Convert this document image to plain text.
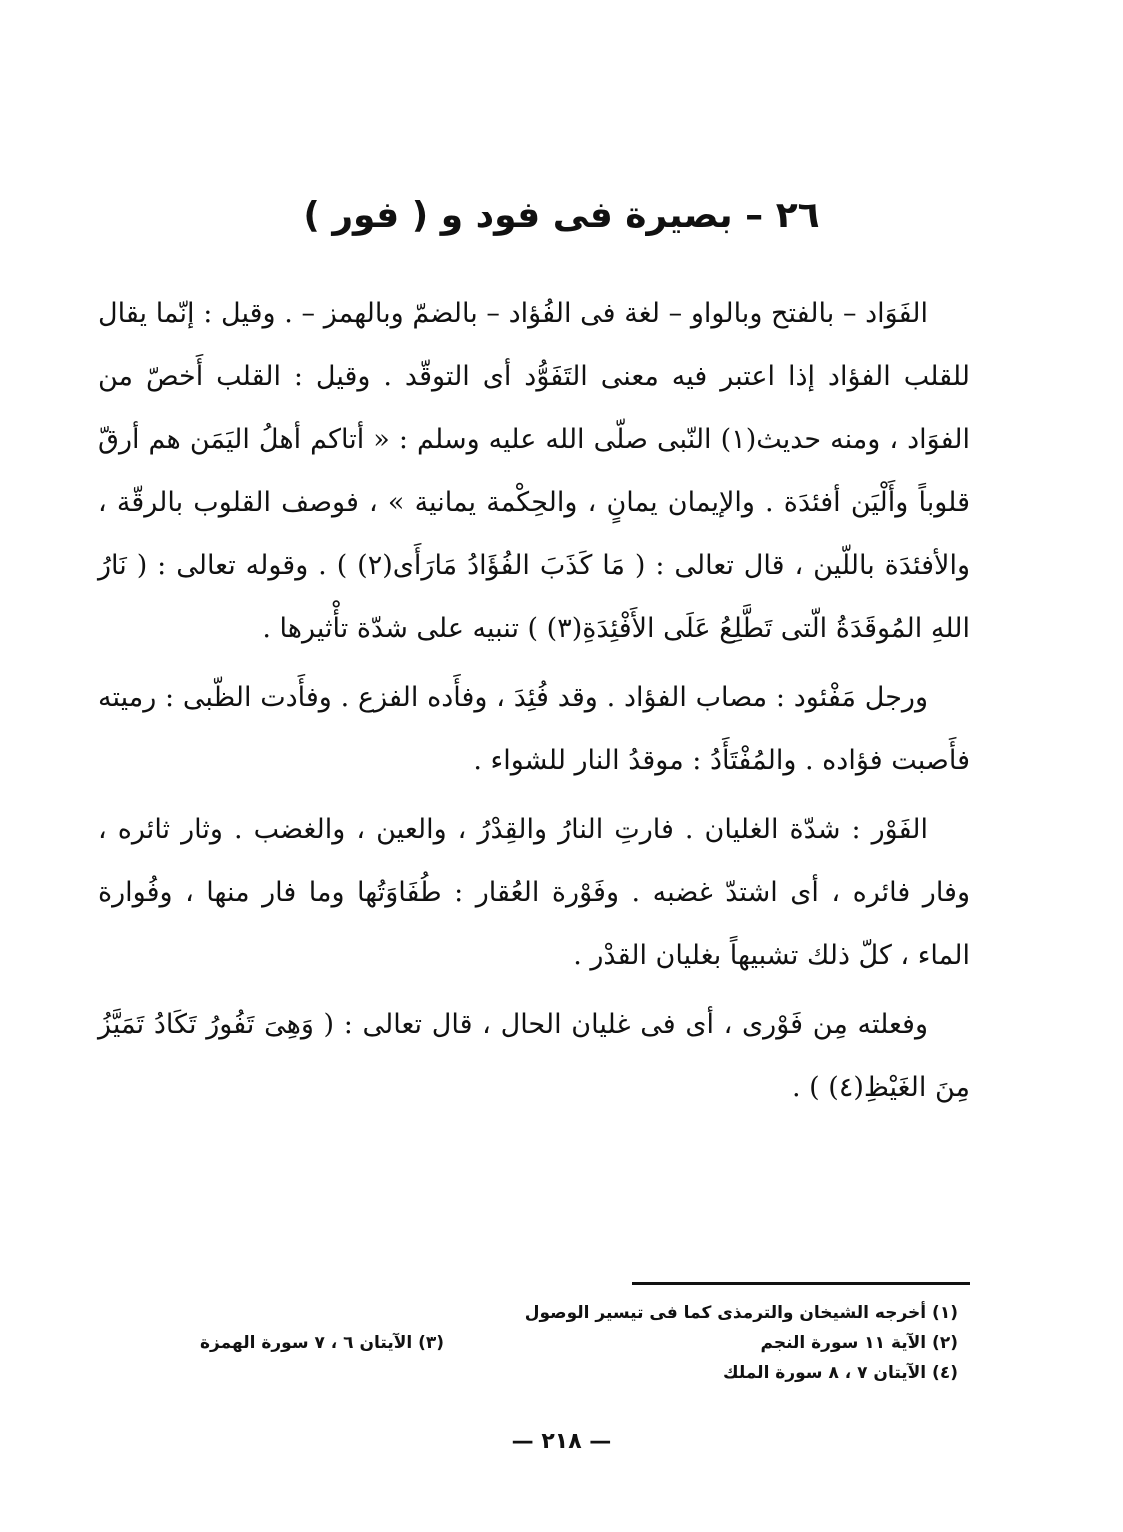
٢٦ – بصيرة فى فود و ( فور )

الفَوَاد – بالفتح وبالواو – لغة فى الفُؤاد – بالضمّ وبالهمز – . وقيل : إنّما يقال للقلب الفؤاد إذا اعتبر فيه معنى التَفَوُّد أى التوقّد . وقيل : القلب أَخصّ من الفوَاد ، ومنه حديث(١) النّبى صلّى الله عليه وسلم : « أتاكم أهلُ اليَمَن هم أرقّ قلوباً وأَلْيَن أفئدَة . والإيمان يمانٍ ، والحِكْمة يمانية » ، فوصف القلوب بالرقّة ، والأفئدَة باللّين ، قال تعالى : ( مَا كَذَبَ الفُؤَادُ مَارَأَى(٢) ) . وقوله تعالى : ( نَارُ اللهِ المُوقَدَةُ الّتى تَطَّلِعُ عَلَى الأَفْئِدَةِ(٣) ) تنبيه على شدّة تأْثيرها .

ورجل مَفْئود : مصاب الفؤاد . وقد فُئِدَ ، وفأَده الفزع . وفأَدت الظّبى : رميته فأَصبت فؤاده . والمُفْتَأَدُ : موقدُ النار للشواء .

الفَوْر : شدّة الغليان . فارتِ النارُ والقِدْرُ ، والعين ، والغضب . وثار ثائره ، وفار فائره ، أى اشتدّ غضبه . وفَوْرة العُقار : طُفَاوَتُها وما فار منها ، وفُوارة الماء ، كلّ ذلك تشبيهاً بغليان القدْر .

وفعلته مِن فَوْرى ، أى فى غليان الحال ، قال تعالى : ( وَهِىَ تَفُورُ تَكَادُ تَمَيَّزُ مِنَ الغَيْظِ(٤) ) .

(١) أخرجه الشيخان والترمذى كما فى تيسير الوصول
(٢) الآية ١١ سورة النجم
(٣) الآيتان ٦ ، ٧ سورة الهمزة
(٤) الآيتان ٧ ، ٨ سورة الملك
— ٢١٨ —
